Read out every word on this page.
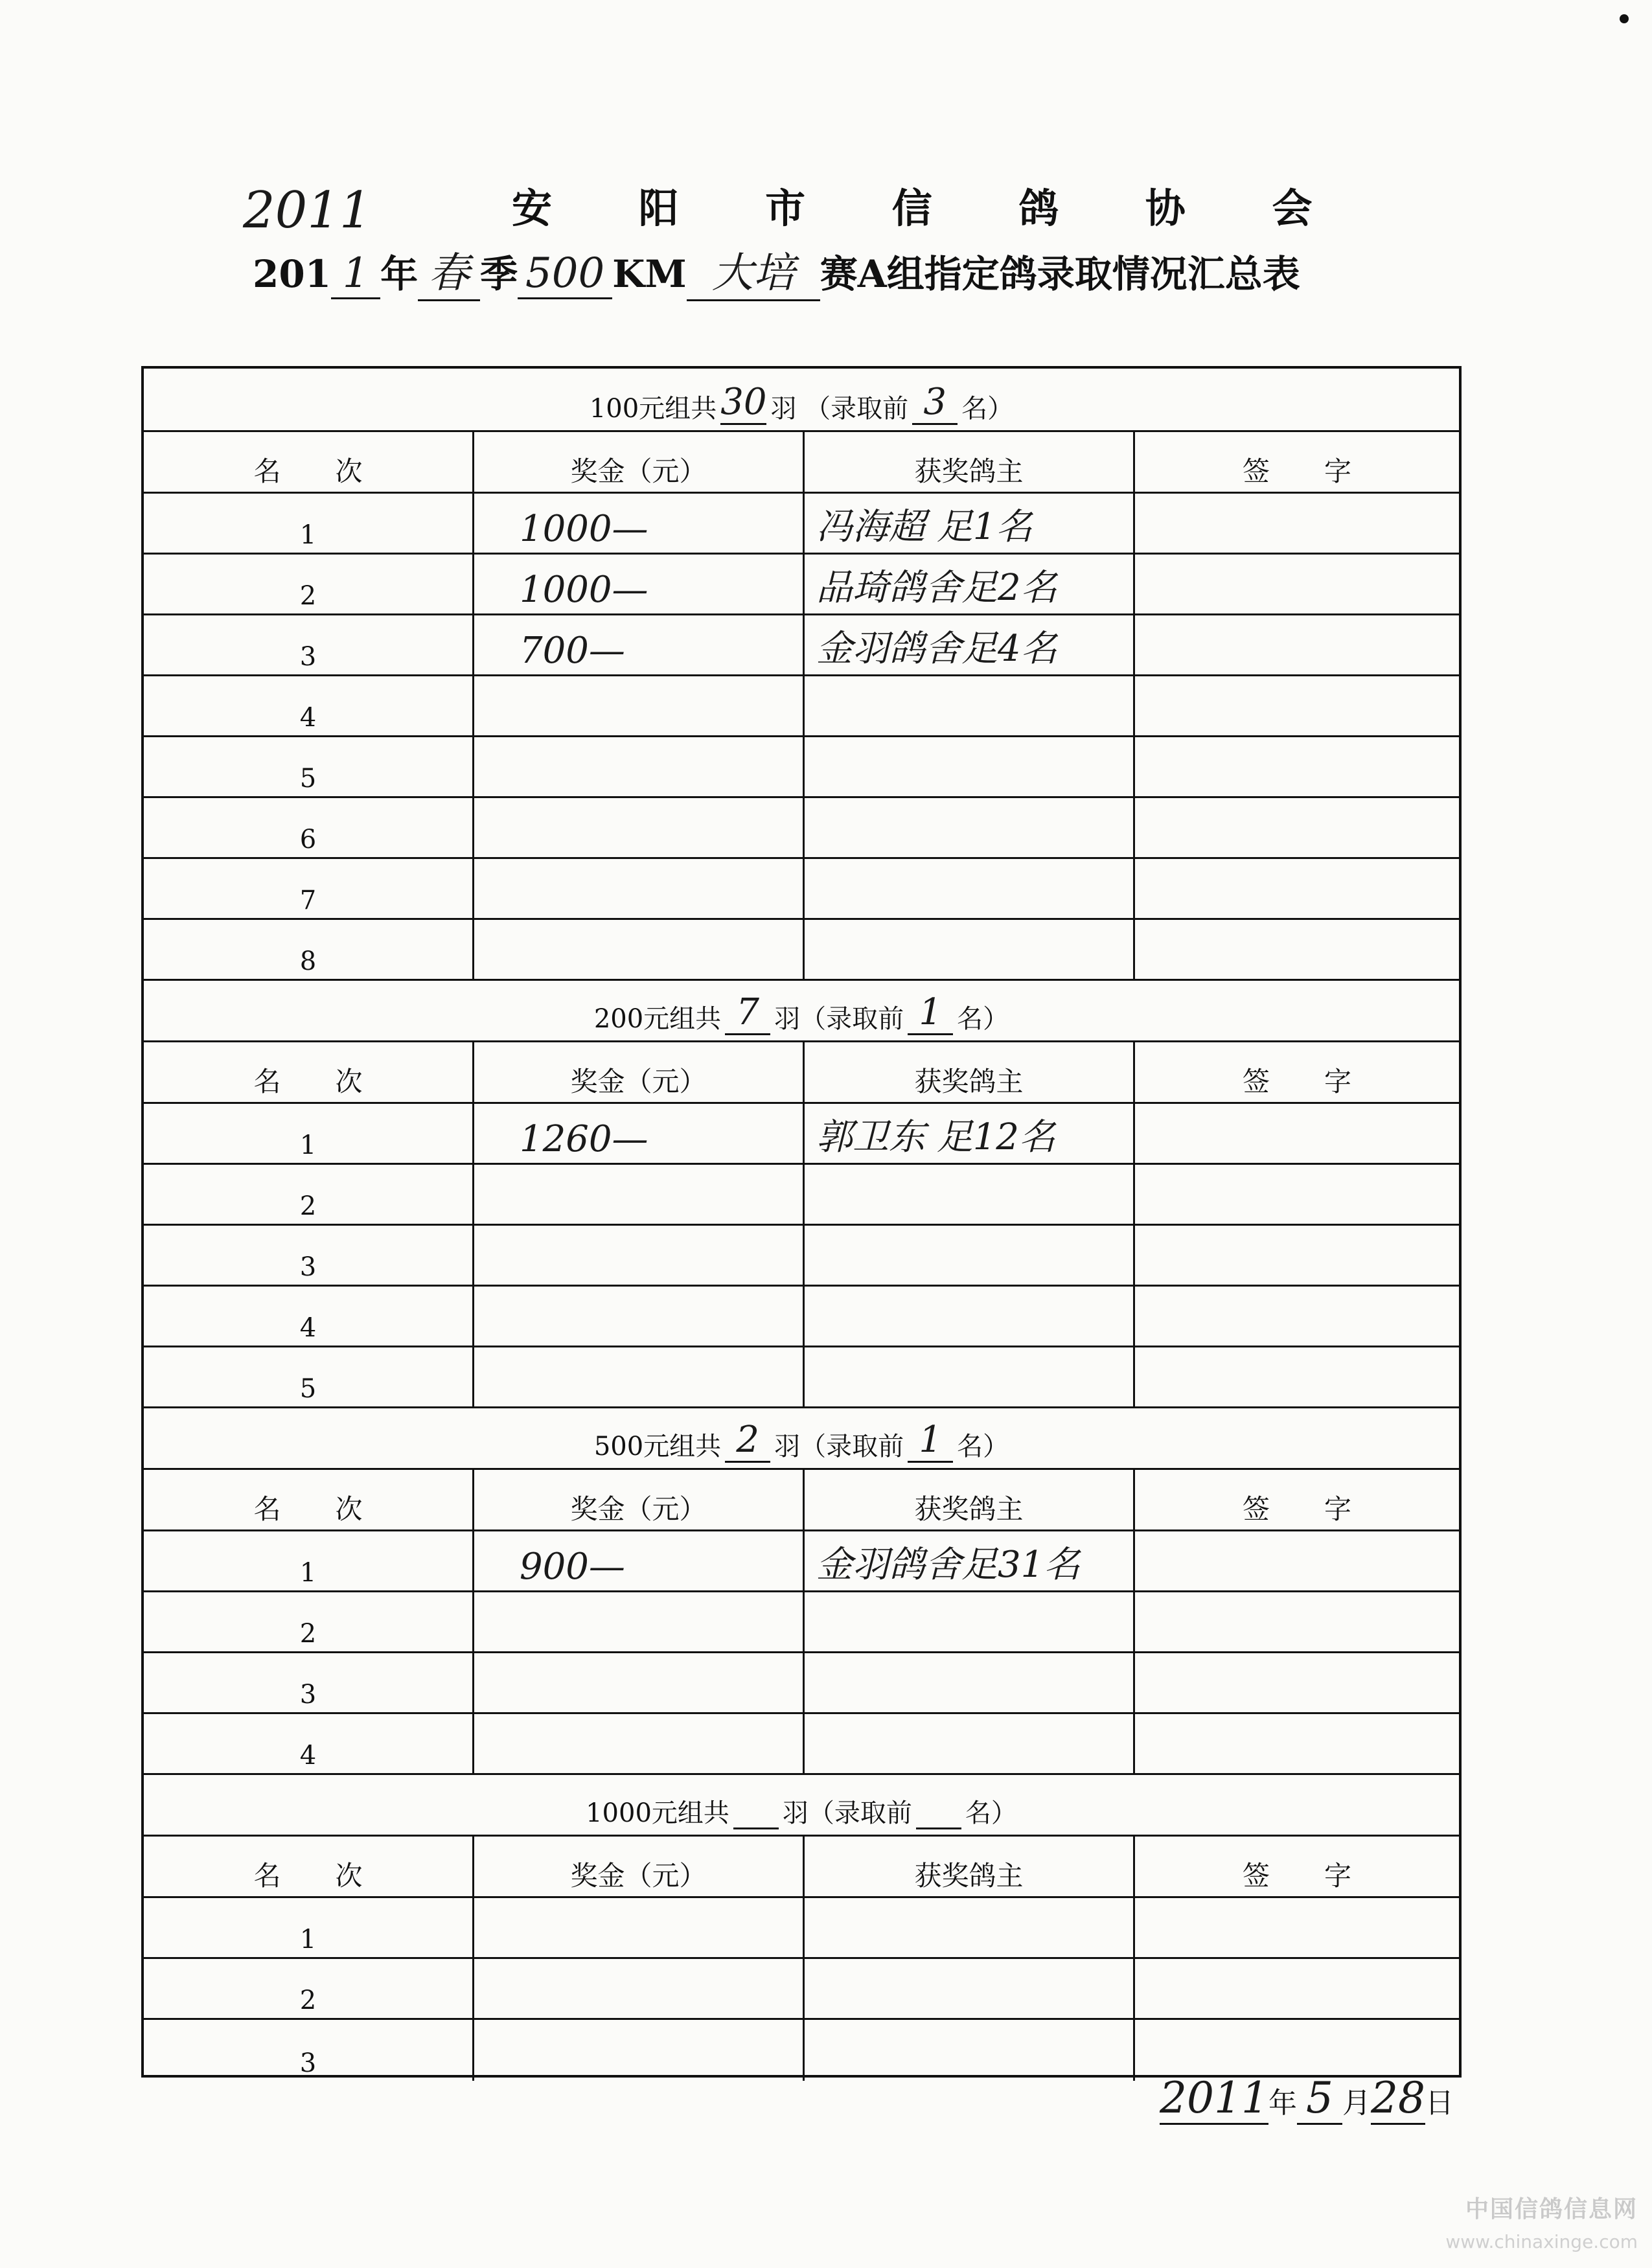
2011	安 阳 市 信 鸽 协 会
201 1 年 春 季 500 KM 大培 赛A组指定鸽录取情况汇总表
100元组 共 30 羽 （录取前 3 名）
名　　次	奖金（元）	获奖鸽主	签　　字
1	1000—	冯海超 足1名
2	1000—	品琦鸽舍足2名
3	700—	金羽鸽舍足4名
4
5
6
7
8
200元组 共 7 羽（录取前 1 名）
名　　次	奖金（元）	获奖鸽主	签　　字
1	1260—	郭卫东 足12名
2
3
4
5
500元组 共 2 羽（录取前 1 名）
名　　次	奖金（元）	获奖鸽主	签　　字
1	900—	金羽鸽舍足31名
2
3
4
1000元组 共 羽（录取前 名）
名　　次	奖金（元）	获奖鸽主	签　　字
1
2
3
2011年 5 月28日
中国信鸽信息网
www.chinaxinge.com
